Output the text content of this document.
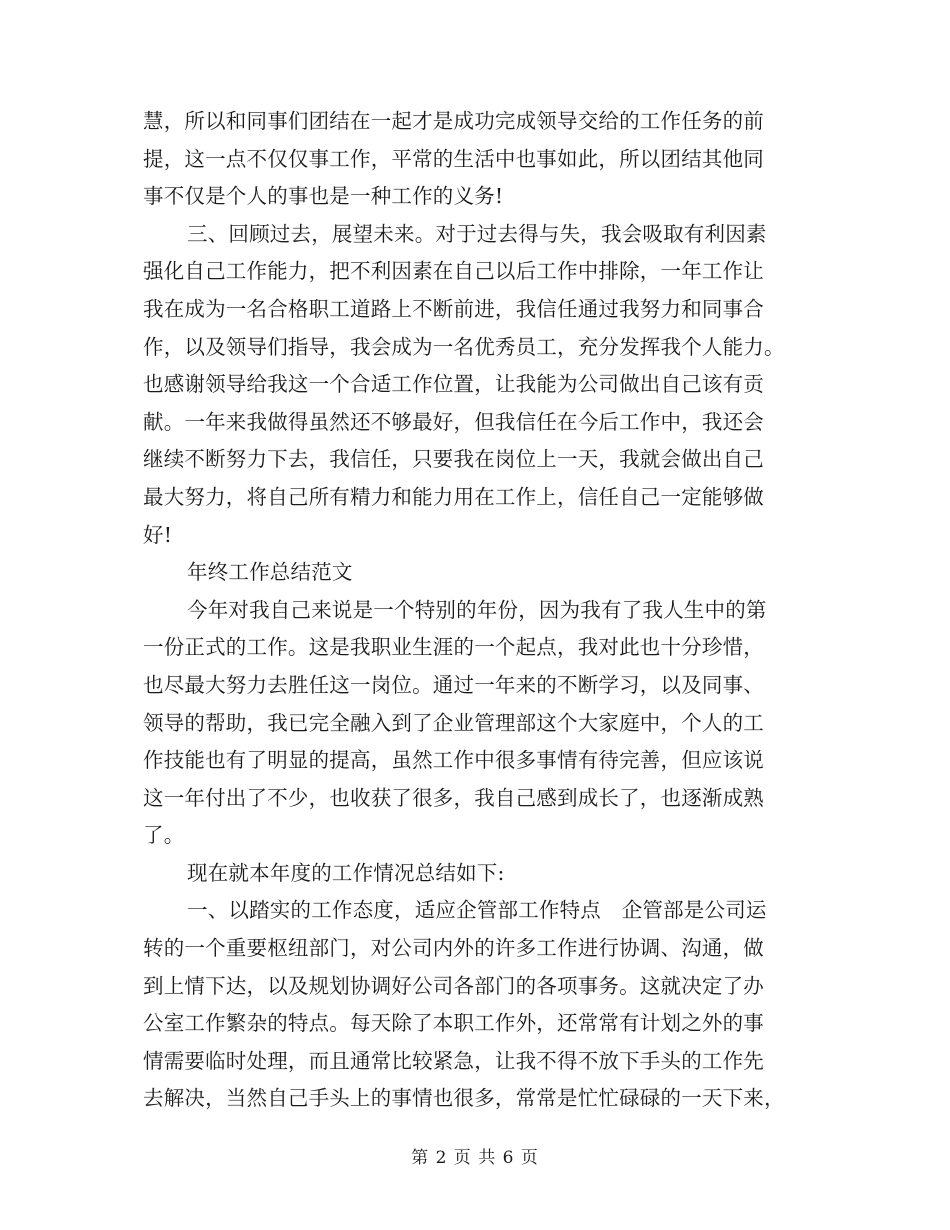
慧，所以和同事们团结在一起才是成功完成领导交给的工作任务的前
提，这一点不仅仅事工作，平常的生活中也事如此，所以团结其他同
事不仅是个人的事也是一种工作的义务!
三、回顾过去，展望未来。对于过去得与失，我会吸取有利因素
强化自己工作能力，把不利因素在自己以后工作中排除，一年工作让
我在成为一名合格职工道路上不断前进，我信任通过我努力和同事合
作，以及领导们指导，我会成为一名优秀员工，充分发挥我个人能力。
也感谢领导给我这一个合适工作位置，让我能为公司做出自己该有贡
献。一年来我做得虽然还不够最好，但我信任在今后工作中，我还会
继续不断努力下去，我信任，只要我在岗位上一天，我就会做出自己
最大努力，将自己所有精力和能力用在工作上，信任自己一定能够做
好!
年终工作总结范文
今年对我自己来说是一个特别的年份，因为我有了我人生中的第
一份正式的工作。这是我职业生涯的一个起点，我对此也十分珍惜，
也尽最大努力去胜任这一岗位。通过一年来的不断学习，以及同事、
领导的帮助，我已完全融入到了企业管理部这个大家庭中，个人的工
作技能也有了明显的提高，虽然工作中很多事情有待完善，但应该说
这一年付出了不少，也收获了很多，我自己感到成长了，也逐渐成熟
了。
现在就本年度的工作情况总结如下:
一、以踏实的工作态度，适应企管部工作特点　企管部是公司运
转的一个重要枢纽部门，对公司内外的许多工作进行协调、沟通，做
到上情下达，以及规划协调好公司各部门的各项事务。这就决定了办
公室工作繁杂的特点。每天除了本职工作外，还常常有计划之外的事
情需要临时处理，而且通常比较紧急，让我不得不放下手头的工作先
去解决，当然自己手头上的事情也很多，常常是忙忙碌碌的一天下来，
第 2 页 共 6 页
